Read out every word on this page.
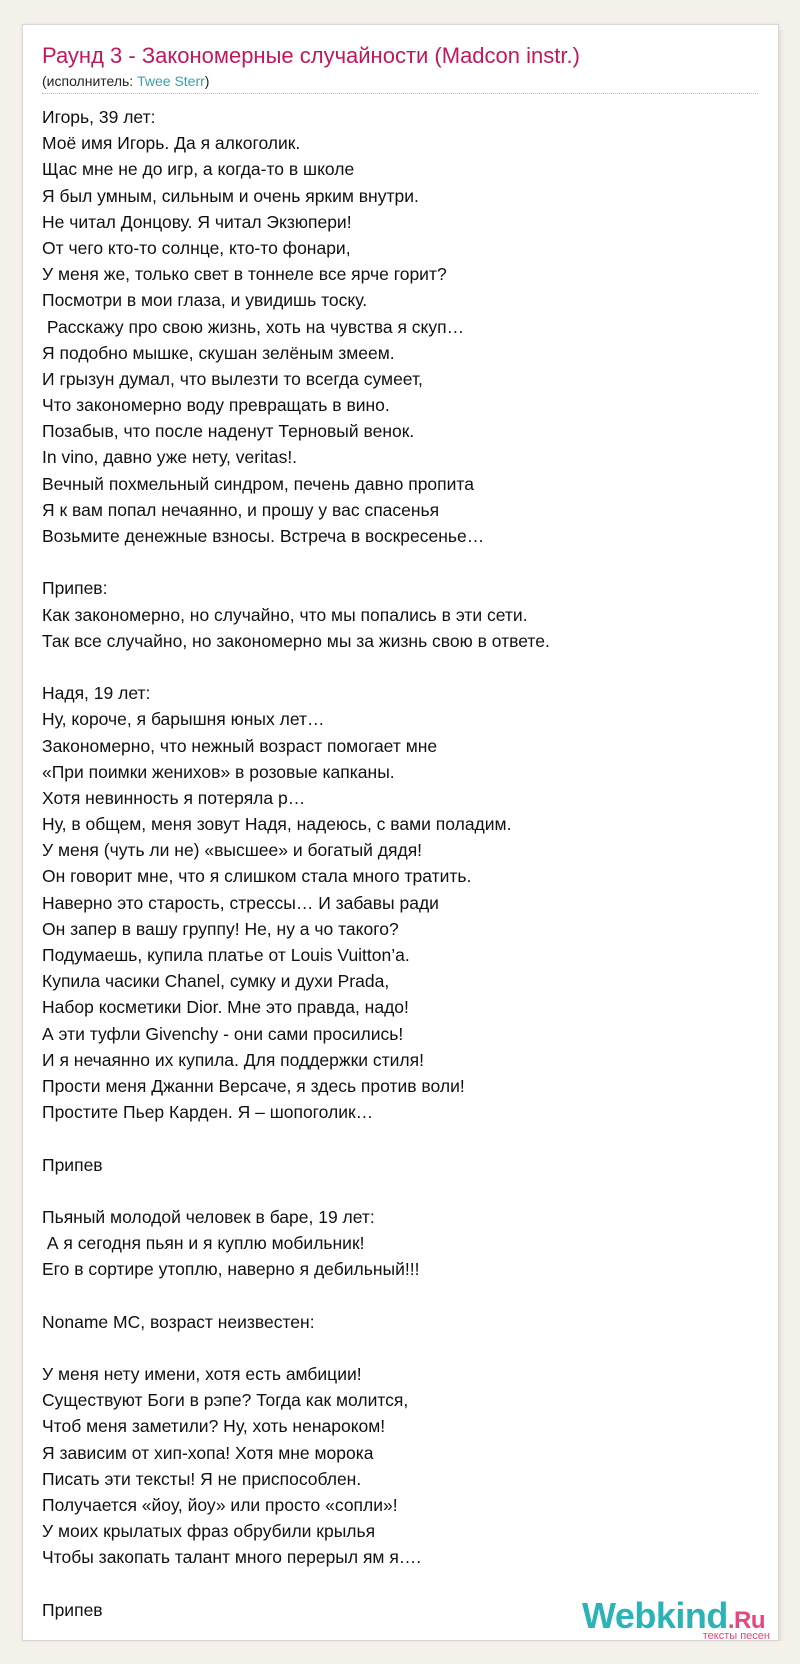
Раунд 3 - Закономерные случайности (Madcon instr.)
(исполнитель: Twee Sterr)
Игорь, 39 лет:
Моё имя Игорь. Да я алкоголик.
Щас мне не до игр, а когда-то в школе
Я был умным, сильным и очень ярким внутри.
Не читал Донцову. Я читал Экзюпери!
От чего кто-то солнце, кто-то фонари,
У меня же, только свет в тоннеле все ярче горит?
Посмотри в мои глаза, и увидишь тоску.
Расскажу про свою жизнь, хоть на чувства я скуп…
Я подобно мышке, скушан зелёным змеем.
И грызун думал, что вылезти то всегда сумеет,
Что закономерно воду превращать в вино.
Позабыв, что после наденут Терновый венок.
In vino, давно уже нету, veritas!.
Вечный похмельный синдром, печень давно пропита
Я к вам попал нечаянно, и прошу у вас спасенья
Возьмите денежные взносы. Встреча в воскресенье…
Припев:
Как закономерно, но случайно, что мы попались в эти сети.
Так все случайно, но закономерно мы за жизнь свою в ответе.
Надя, 19 лет:
Ну, короче, я барышня юных лет…
Закономерно, что нежный возраст помогает мне
«При поимки женихов» в розовые капканы.
Хотя невинность я потеряла р…
Ну, в общем, меня зовут Надя, надеюсь, с вами поладим.
У меня (чуть ли не) «высшее» и богатый дядя!
Он говорит мне, что я слишком стала много тратить.
Наверно это старость, стрессы… И забавы ради
Он запер в вашу группу! Не, ну а чо такого?
Подумаешь, купила платье от Louis Vuitton’a.
Купила часики Chanel, сумку и духи Prada,
Набор косметики Dior. Мне это правда, надо!
А эти туфли Givenchy - они сами просились!
И я нечаянно их купила. Для поддержки стиля!
Прости меня Джанни Версаче, я здесь против воли!
Простите Пьер Карден. Я – шопоголик…
Припев
Пьяный молодой человек в баре, 19 лет:
А я сегодня пьян и я куплю мобильник!
Его в сортире утоплю, наверно я дебильный!!!
Noname MC, возраст неизвестен:
У меня нету имени, хотя есть амбиции!
Существуют Боги в рэпе? Тогда как молится,
Чтоб меня заметили? Ну, хоть ненароком!
Я зависим от хип-хопа! Хотя мне морока
Писать эти тексты! Я не приспособлен.
Получается «йоу, йоу» или просто «сопли»!
У моих крылатых фраз обрубили крылья
Чтобы закопать талант много перерыл ям я….
Припев	Webkind.Ru
тексты песен
